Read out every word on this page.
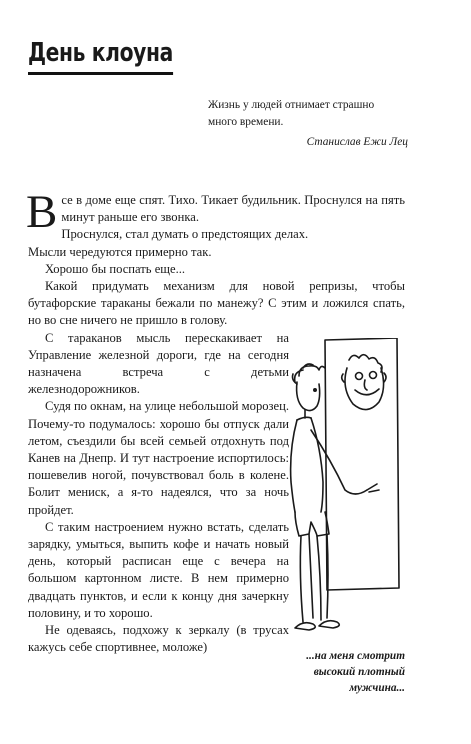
День клоуна

Жизнь у людей отнимает страшно
много времени.

Станислав Ежи Лец

Все в доме еще спят. Тихо. Тикает будильник. Проснулся на пять минут раньше его звонка.

Проснулся, стал думать о предстоящих делах.

Мысли чередуются примерно так.

Хорошо бы поспать еще...

Какой придумать механизм для новой репризы, чтобы бутафорские тараканы бежали по манежу? С этим и ложился спать, но во сне ничего не пришло в голову.

С тараканов мысль перескакивает на Управление железной дороги, где на сегодня назначена встреча с детьми железнодорожников.

Судя по окнам, на улице небольшой морозец. Почему-то подумалось: хорошо бы отпуск дали летом, съездили бы всей семьей отдохнуть под Канев на Днепр. И тут настроение испортилось: пошевелив ногой, почувствовал боль в колене. Болит мениск, а я-то надеялся, что за ночь пройдет.

С таким настроением нужно встать, сделать зарядку, умыться, выпить кофе и начать новый день, который расписан еще с вечера на большом картонном листе. В нем примерно двадцать пунктов, и если к концу дня зачеркну половину, и то хорошо.

Не одеваясь, подхожу к зеркалу (в трусах кажусь себе спортивнее, моложе)

...на меня смотрит
высокий плотный
мужчина...
